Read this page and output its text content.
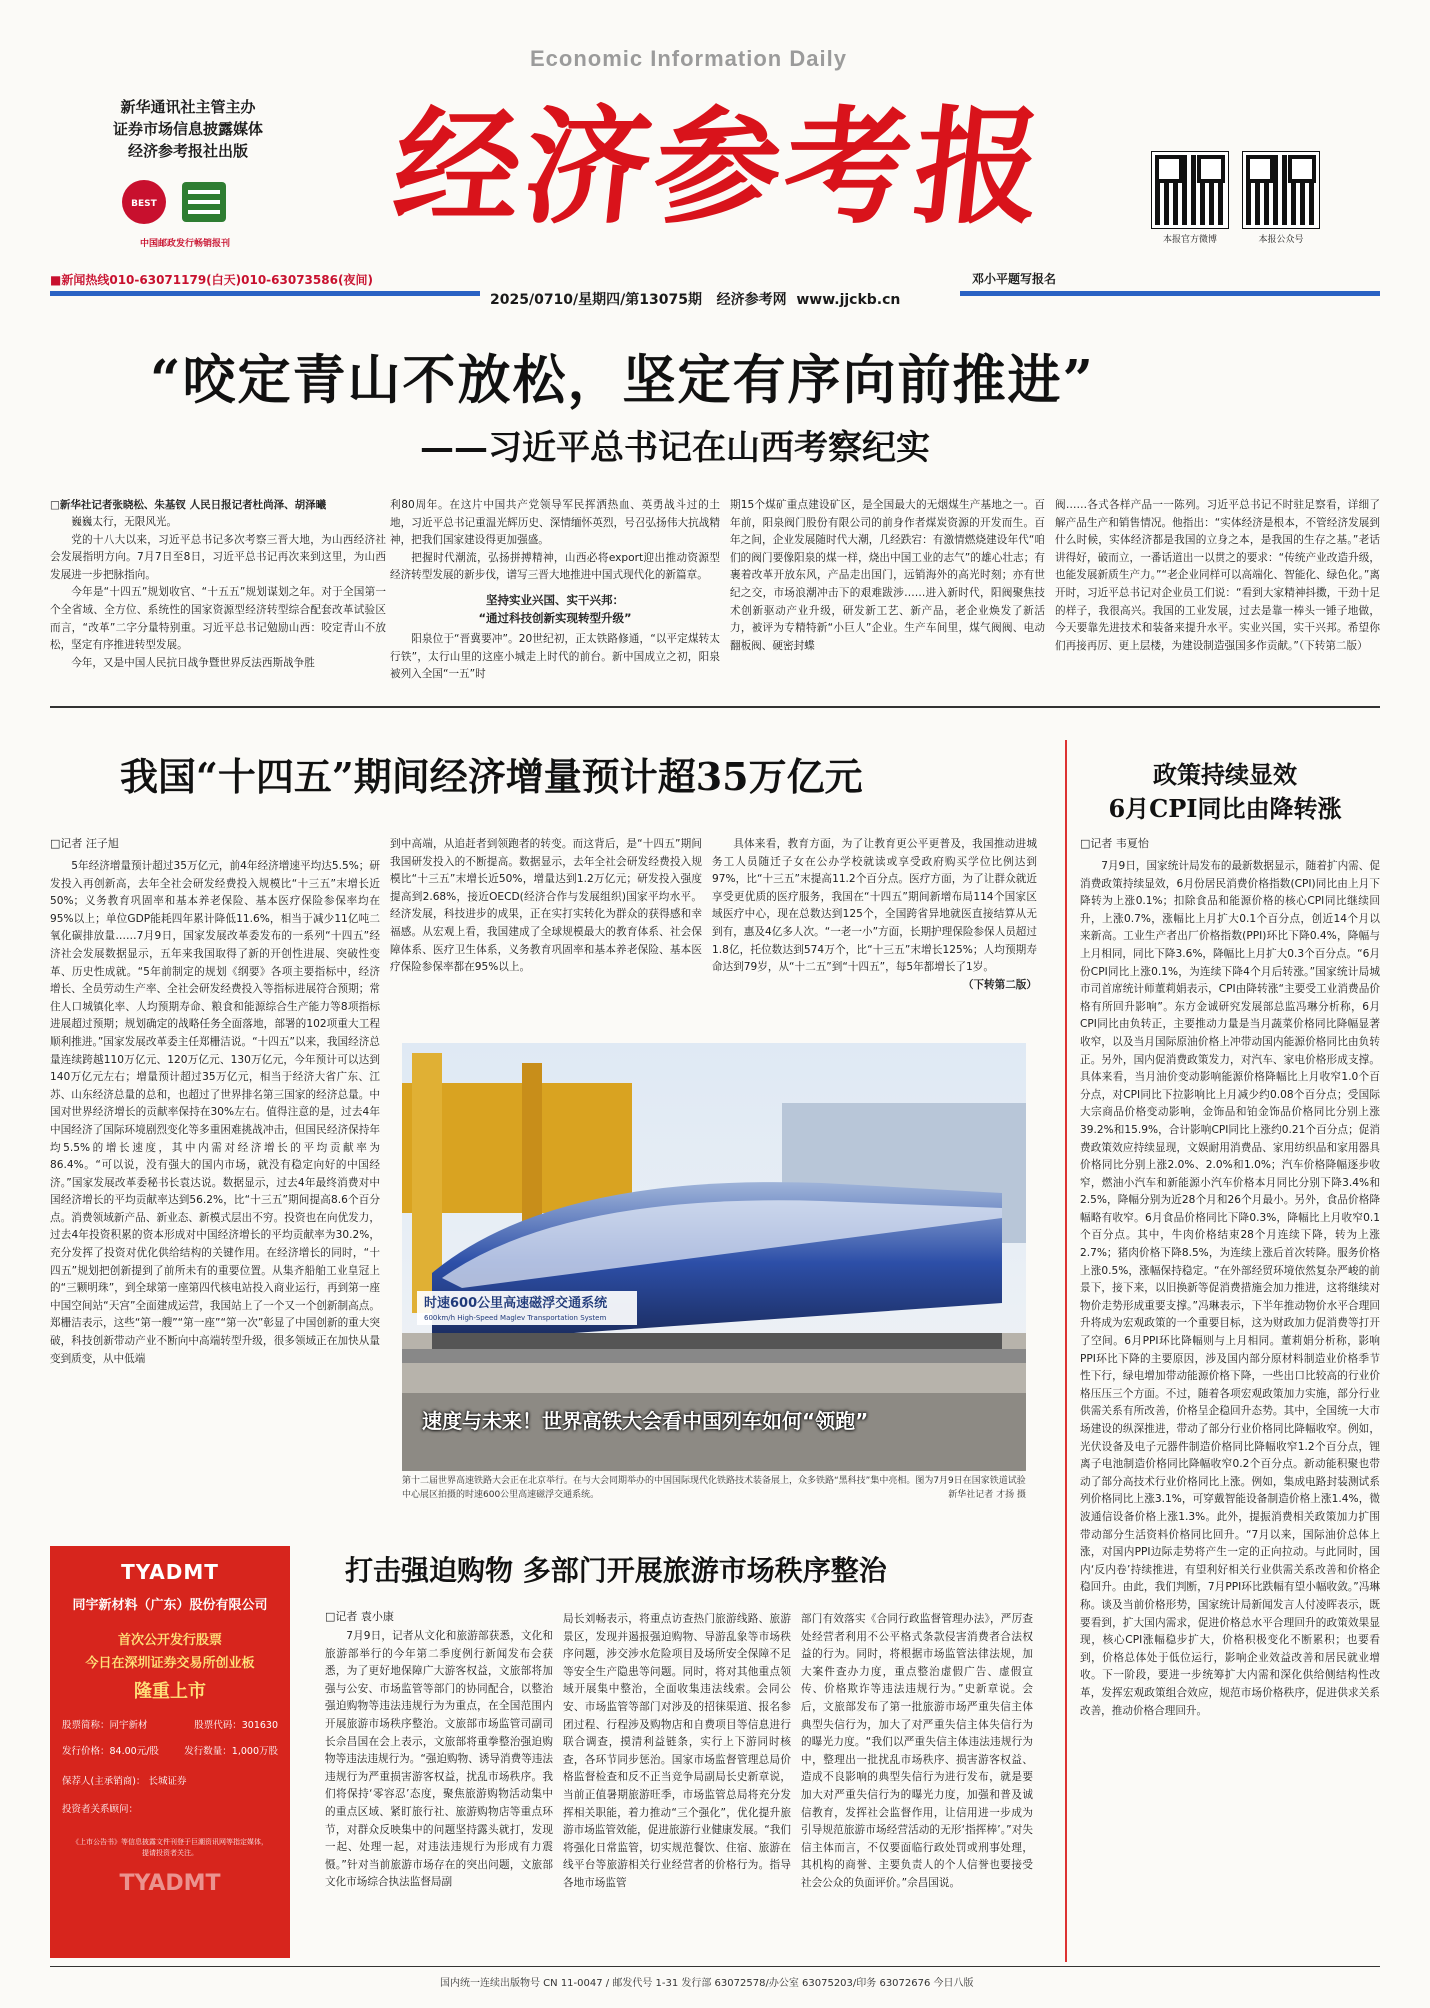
Economic Information Daily
新华通讯社主管主办
证券市场信息披露媒体
经济参考报社出版
BEST
中国邮政发行畅销报刊
■新闻热线010-63071179(白天)010-63073586(夜间)
经济参考报
邓小平题写报名
本报官方微博	本报公众号
2025/0710/星期四/第13075期   经济参考网  www.jjckb.cn
“咬定青山不放松，坚定有序向前推进”
——习近平总书记在山西考察纪实
□新华社记者张晓松、朱基钗 人民日报记者杜尚泽、胡泽曦

巍巍太行，无限风光。

党的十八大以来，习近平总书记多次考察三晋大地，为山西经济社会发展指明方向。7月7日至8日，习近平总书记再次来到这里，为山西发展进一步把脉指向。

今年是“十四五”规划收官、“十五五”规划谋划之年。对于全国第一个全省域、全方位、系统性的国家资源型经济转型综合配套改革试验区而言，“改革”二字分量特别重。习近平总书记勉励山西：咬定青山不放松，坚定有序推进转型发展。

今年，又是中国人民抗日战争暨世界反法西斯战争胜

利80周年。在这片中国共产党领导军民挥洒热血、英勇战斗过的土地，习近平总书记重温光辉历史、深情缅怀英烈，号召弘扬伟大抗战精神，把我们国家建设得更加强盛。

把握时代潮流，弘扬拼搏精神，山西必将export迎出推动资源型经济转型发展的新步伐，谱写三晋大地推进中国式现代化的新篇章。

坚持实业兴国、实干兴邦：
“通过科技创新实现转型升级”

阳泉位于“晋冀要冲”。20世纪初，正太铁路修通，“以平定煤转太行铁”，太行山里的这座小城走上时代的前台。新中国成立之初，阳泉被列入全国“一五”时

期15个煤矿重点建设矿区，是全国最大的无烟煤生产基地之一。百年前，阳泉阀门股份有限公司的前身作者煤炭资源的开发而生。百年之间，企业发展随时代大潮，几经跌宕：有激情燃烧建设年代“咱们的阀门要像阳泉的煤一样，烧出中国工业的志气”的雄心壮志；有裹着改革开放东风，产品走出国门，远销海外的高光时刻；亦有世纪之交，市场浪潮冲击下的艰难跋涉……进入新时代，阳阀聚焦技术创新驱动产业升级，研发新工艺、新产品，老企业焕发了新活力，被评为专精特新“小巨人”企业。生产车间里，煤气阀阀、电动翻板阀、硬密封蝶

阀……各式各样产品一一陈列。习近平总书记不时驻足察看，详细了解产品生产和销售情况。他指出：“实体经济是根本，不管经济发展到什么时候，实体经济都是我国的立身之本，是我国的生存之基。”老话讲得好，破而立，一番话道出一以贯之的要求：“传统产业改造升级，也能发展新质生产力。”“老企业同样可以高端化、智能化、绿色化。”离开时，习近平总书记对企业员工们说：“看到大家精神抖擞，干劲十足的样子，我很高兴。我国的工业发展，过去是靠一棒头一锤子地做，今天要靠先进技术和装备来提升水平。实业兴国，实干兴邦。希望你们再接再厉、更上层楼，为建设制造强国多作贡献。”（下转第二版）

我国“十四五”期间经济增量预计超35万亿元
□记者 汪子旭

5年经济增量预计超过35万亿元，前4年经济增速平均达5.5%；研发投入再创新高，去年全社会研发经费投入规模比“十三五”末增长近50%；义务教育巩固率和基本养老保险、基本医疗保险参保率均在95%以上；单位GDP能耗四年累计降低11.6%，相当于减少11亿吨二氧化碳排放量……7月9日，国家发展改革委发布的一系列“十四五”经济社会发展数据显示，五年来我国取得了新的开创性进展、突破性变革、历史性成就。“5年前制定的规划《纲要》各项主要指标中，经济增长、全员劳动生产率、全社会研发经费投入等指标进展符合预期；常住人口城镇化率、人均预期寿命、粮食和能源综合生产能力等8项指标进展超过预期；规划确定的战略任务全面落地，部署的102项重大工程顺利推进。”国家发展改革委主任郑栅洁说。“十四五”以来，我国经济总量连续跨越110万亿元、120万亿元、130万亿元，今年预计可以达到140万亿元左右；增量预计超过35万亿元，相当于经济大省广东、江苏、山东经济总量的总和，也超过了世界排名第三国家的经济总量。中国对世界经济增长的贡献率保持在30%左右。值得注意的是，过去4年中国经济了国际环境剧烈变化等多重困难挑战冲击，但国民经济保持年均5.5%的增长速度，其中内需对经济增长的平均贡献率为86.4%。“可以说，没有强大的国内市场，就没有稳定向好的中国经济。”国家发展改革委秘书长袁达说。数据显示，过去4年最终消费对中国经济增长的平均贡献率达到56.2%，比“十三五”期间提高8.6个百分点。消费领域新产品、新业态、新模式层出不穷。投资也在向优发力，过去4年投资积累的资本形成对中国经济增长的平均贡献率为30.2%，充分发挥了投资对优化供给结构的关键作用。在经济增长的同时，“十四五”规划把创新提到了前所未有的重要位置。从集齐船舶工业皇冠上的“三颗明珠”，到全球第一座第四代核电站投入商业运行，再到第一座中国空间站“天宫”全面建成运营，我国站上了一个又一个创新制高点。郑栅洁表示，这些“第一艘”“第一座”“第一次”彰显了中国创新的重大突破，科技创新带动产业不断向中高端转型升级，很多领域正在加快从量变到质变，从中低端

到中高端，从追赶者到领跑者的转变。而这背后，是“十四五”期间我国研发投入的不断提高。数据显示，去年全社会研发经费投入规模比“十三五”末增长近50%，增量达到1.2万亿元；研发投入强度提高到2.68%，接近OECD(经济合作与发展组织)国家平均水平。经济发展，科技进步的成果，正在实打实转化为群众的获得感和幸福感。从宏观上看，我国建成了全球规模最大的教育体系、社会保障体系、医疗卫生体系，义务教育巩固率和基本养老保险、基本医疗保险参保率都在95%以上。

具体来看，教育方面，为了让教育更公平更普及，我国推动进城务工人员随迁子女在公办学校就读或享受政府购买学位比例达到97%，比“十三五”末提高11.2个百分点。医疗方面，为了让群众就近享受更优质的医疗服务，我国在“十四五”期间新增布局114个国家区域医疗中心，现在总数达到125个，全国跨省异地就医直接结算从无到有，惠及4亿多人次。“一老一小”方面，长期护理保险参保人员超过1.8亿，托位数达到574万个，比“十三五”末增长125%；人均预期寿命达到79岁，从“十二五”到“十四五”，每5年都增长了1岁。

（下转第二版）
时速600公里高速磁浮交通系统
600km/h High-Speed Maglev Transportation System
速度与未来！世界高铁大会看中国列车如何“领跑”
第十二届世界高速铁路大会正在北京举行。在与大会同期举办的中国国际现代化铁路技术装备展上，众多铁路“黑科技”集中亮相。图为7月9日在国家铁道试验中心展区拍摄的时速600公里高速磁浮交通系统。	新华社记者 才扬 摄
政策持续显效
6月CPI同比由降转涨
□记者 韦夏怡

7月9日，国家统计局发布的最新数据显示，随着扩内需、促消费政策持续显效，6月份居民消费价格指数(CPI)同比由上月下降转为上涨0.1%；扣除食品和能源价格的核心CPI同比继续回升，上涨0.7%，涨幅比上月扩大0.1个百分点，创近14个月以来新高。工业生产者出厂价格指数(PPI)环比下降0.4%，降幅与上月相同，同比下降3.6%，降幅比上月扩大0.3个百分点。“6月份CPI同比上涨0.1%，为连续下降4个月后转涨。”国家统计局城市司首席统计师董莉娟表示，CPI由降转涨“主要受工业消费品价格有所回升影响”。东方金诚研究发展部总监冯琳分析称，6月CPI同比由负转正，主要推动力量是当月蔬菜价格同比降幅显著收窄，以及当月国际原油价格上冲带动国内能源价格同比由负转正。另外，国内促消费政策发力，对汽车、家电价格形成支撑。具体来看，当月油价变动影响能源价格降幅比上月收窄1.0个百分点，对CPI同比下拉影响比上月减少约0.08个百分点；受国际大宗商品价格变动影响，金饰品和铂金饰品价格同比分别上涨39.2%和15.9%，合计影响CPI同比上涨约0.21个百分点；促消费政策效应持续显现，文娱耐用消费品、家用纺织品和家用器具价格同比分别上涨2.0%、2.0%和1.0%；汽车价格降幅逐步收窄，燃油小汽车和新能源小汽车价格本月同比分别下降3.4%和2.5%，降幅分别为近28个月和26个月最小。另外，食品价格降幅略有收窄。6月食品价格同比下降0.3%，降幅比上月收窄0.1个百分点。其中，牛肉价格结束28个月连续下降，转为上涨2.7%；猪肉价格下降8.5%，为连续上涨后首次转降。服务价格上涨0.5%，涨幅保持稳定。“在外部经贸环境依然复杂严峻的前景下，接下来，以旧换新等促消费措施会加力推进，这将继续对物价走势形成重要支撑。”冯琳表示，下半年推动物价水平合理回升将成为宏观政策的一个重要目标，这为财政加力促消费等打开了空间。6月PPI环比降幅则与上月相同。董莉娟分析称，影响PPI环比下降的主要原因，涉及国内部分原材料制造业价格季节性下行，绿电增加带动能源价格下降，一些出口比较高的行业价格压压三个方面。不过，随着各项宏观政策加力实施，部分行业供需关系有所改善，价格呈企稳回升态势。其中，全国统一大市场建设的纵深推进，带动了部分行业价格同比降幅收窄。例如，光伏设备及电子元器件制造价格同比降幅收窄1.2个百分点，锂离子电池制造价格同比降幅收窄0.2个百分点。新动能积聚也带动了部分高技术行业价格同比上涨。例如，集成电路封装测试系列价格同比上涨3.1%，可穿戴智能设备制造价格上涨1.4%，微波通信设备价格上涨1.3%。此外，提振消费相关政策加力扩围带动部分生活资料价格同比回升。“7月以来，国际油价总体上涨，对国内PPI边际走势将产生一定的正向拉动。与此同时，国内‘反内卷’持续推进，有望利好相关行业供需关系改善和价格企稳回升。由此，我们判断，7月PPI环比跌幅有望小幅收敛。”冯琳称。谈及当前价格形势，国家统计局新闻发言人付凌晖表示，既要看到，扩大国内需求，促进价格总水平合理回升的政策效果显现，核心CPI涨幅稳步扩大，价格积极变化不断累积；也要看到，价格总体处于低位运行，影响企业效益改善和居民就业增收。下一阶段，要进一步统筹扩大内需和深化供给侧结构性改革，发挥宏观政策组合效应，规范市场价格秩序，促进供求关系改善，推动价格合理回升。

TYADMT
同宇新材料（广东）股份有限公司
首次公开发行股票
今日在深圳证券交易所创业板
隆重上市
股票简称：同宇新材	股票代码：301630
发行价格：84.00元/股	发行数量：1,000万股
保荐人(主承销商)： 长城证券
投资者关系顾问：
《上市公告书》等信息披露文件刊登于巨潮资讯网等指定媒体，提请投资者关注。
TYADMT
打击强迫购物 多部门开展旅游市场秩序整治
□记者 袁小康

7月9日，记者从文化和旅游部获悉，文化和旅游部举行的今年第二季度例行新闻发布会获悉，为了更好地保障广大游客权益，文旅部将加强与公安、市场监管等部门的协同配合，以整治强迫购物等违法违规行为为重点，在全国范围内开展旅游市场秩序整治。文旅部市场监管司副司长佘昌国在会上表示，文旅部将重拳整治强迫购物等违法违规行为。“强迫购物、诱导消费等违法违规行为严重损害游客权益，扰乱市场秩序。我们将保持‘零容忍’态度，聚焦旅游购物活动集中的重点区域、紧盯旅行社、旅游购物店等重点环节，对群众反映集中的问题坚持露头就打，发现一起、处理一起，对违法违规行为形成有力震慑。”针对当前旅游市场存在的突出问题，文旅部文化市场综合执法监督局副

局长刘畅表示，将重点访查热门旅游线路、旅游景区，发现并遏报强迫购物、导游乱象等市场秩序问题，涉交涉水危险项目及场所安全保障不足等安全生产隐患等问题。同时，将对其他重点领域开展集中整治，全面收集违法线索。会同公安、市场监管等部门对涉及的招徕渠道、报名参团过程、行程涉及购物店和自费项目等信息进行联合调查，摸清利益链条，实行上下游同时核查，各环节同步惩治。国家市场监督管理总局价格监督检查和反不正当竞争局副局长史新章说，当前正值暑期旅游旺季，市场监管总局将充分发挥相关职能，着力推动“三个强化”，优化提升旅游市场监管效能，促进旅游行业健康发展。“我们将强化日常监管，切实规范餐饮、住宿、旅游在线平台等旅游相关行业经营者的价格行为。指导各地市场监管

部门有效落实《合同行政监督管理办法》，严厉查处经营者利用不公平格式条款侵害消费者合法权益的行为。同时，将根据市场监管法律法规，加大案件查办力度，重点整治虚假广告、虚假宣传、价格欺诈等违法违规行为。”史新章说。会后，文旅部发布了第一批旅游市场严重失信主体典型失信行为，加大了对严重失信主体失信行为的曝光力度。“我们以严重失信主体违法违规行为中，整理出一批扰乱市场秩序、损害游客权益、造成不良影响的典型失信行为进行发布，就是要加大对严重失信行为的曝光力度，加强和普及诚信教育，发挥社会监督作用，让信用进一步成为引导规范旅游市场经营活动的无形‘指挥棒’。”对失信主体而言，不仅要面临行政处罚或刑事处理，其机构的商誉、主要负责人的个人信誉也要接受社会公众的负面评价。”佘昌国说。

国内统一连续出版物号 CN 11-0047 / 邮发代号 1-31 发行部 63072578/办公室 63075203/印务 63072676 今日八版
